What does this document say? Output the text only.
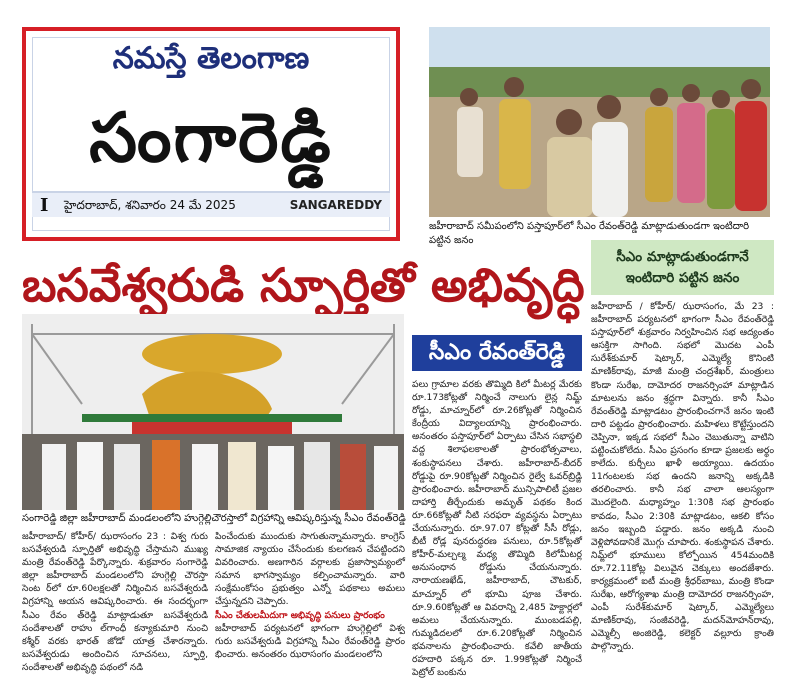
నమస్తే తెలంగాణ
సంగారెడ్డి
I హైదరాబాద్, శనివారం 24 మే 2025	SANGAREDDY
జహీరాబాద్ సమీపంలోని పస్తాపూర్‌లో సీఎం రేవంత్‌రెడ్డి మాట్లాడుతుండగా ఇంటిదారి పట్టిన జనం
బసవేశ్వరుడి స్ఫూర్తితో అభివృద్ధి
సంగారెడ్డి జిల్లా జహీరాబాద్ మండలంలోని హుగ్గెల్లిచౌరస్తాలో విగ్రహాన్ని ఆవిష్కరిస్తున్న సీఎం రేవంత్‌రెడ్డి
సీఎం రేవంత్‌రెడ్డి
జహీరాబాద్/ కోహీర్/ ఝరాసంగం 23 : విశ్వ గురు బసవేశ్వరుడి స్ఫూర్తితో అభివృద్ధి చేస్తామని ముఖ్య మంత్రి రేవంత్‌రెడ్డి పేర్కొన్నారు. శుక్రవారం సంగారెడ్డి జిల్లా జహీరాబాద్ మండలంలోని హుగ్గెల్లి చౌరస్తా సెంట ర్‌లో రూ.60లక్షలతో నిర్మించిన బసవేశ్వరుడి విగ్రహాన్ని ఆయన ఆవిష్కరించారు. ఈ సందర్భంగా సీఎం రేవం త్‌రెడ్డి మాట్లాడుతూ బసవేశ్వరుడి సందేశాలతో రాహు ల్‌గాంధీ కన్యాకుమారి నుంచి కశ్మీర్ వరకు భారత్ జోడో యాత్ర చేశారన్నారు. బసవేశ్వరుడు అందించిన సూచనలు, స్ఫూర్తి, సందేశాలతో అభివృద్ధి పథంలో నడి
పించేందుకు ముందుకు సాగుతున్నామన్నారు. కాంగ్రెస్ సామాజిక న్యాయం చేసేందుకు కులగణన చేపట్టిందని వివరించారు. అణగారిన వర్గాలకు ప్రజాస్వామ్యంలో సమాన భాగస్వామ్యం కల్పించామన్నారు. వారి సంక్షేమంకోసం ప్రభుత్వం ఎన్నో పథకాలు అమలు చేస్తున్నదని చెప్పారు.
సీఎం చేతులమీదుగా అభివృద్ధి పనులు ప్రారంభం
జహీరాబాద్ పర్యటనలో భాగంగా హుగ్గెల్లిలో విశ్వ గురు బసవేశ్వరుడి విగ్రహాన్ని సీఎం రేవంత్‌రెడ్డి ప్రారం భించారు. అనంతరం ఝరాసంగం మండలంలోని
పలు గ్రామాల వరకు తొమ్మిది కిలో మీటర్ల మేరకు రూ.173కోట్లతో నిర్మించే నాలుగు లైన్ల నిమ్జ్ రోడ్డు, మాచ్నూర్‌లో రూ.26కోట్లతో నిర్మించిన కేంద్రీయ విద్యాలయాన్ని ప్రారంభించారు. అనంతరం పస్తాపూర్‌లో ఏర్పాటు చేసిన సభాస్థలి వద్ద శిలాఫలకాలతో ప్రారంభోత్సవాలు, శంకుస్థాపనలు చేశారు. జహీరాబాద్-బీదర్ రోడ్డుపై రూ.90కోట్లతో నిర్మించిన రైల్వే ఓవర్‌బ్రిడ్జి ప్రారంభించారు. జహీరాబాద్ మున్సిపాలిటీ ప్రజల దాహార్తి తీర్చేందుకు అమృత్ పథకం కింద రూ.66కోట్లతో నీటి సరఫరా వ్యవస్థను ఏర్పాటు చేయనున్నారు. రూ.97.07 కోట్లతో సీసీ రోడ్లు, బీటీ రోడ్ల పునరుద్ధరణ పనులు, రూ.5కోట్లతో కోహీర్-మల్చల్మ మధ్య తొమ్మిది కిలోమీటర్ల అనుసంధాన రోడ్డును చేయనున్నారు. నారాయణఖేడ్, జహీరాబాద్, చౌటకుర్, మాచ్నూర్ లో భూమి పూజ చేశారు. రూ.9.60కోట్లతో ఆ వివరాన్ని 2,485 హెక్టార్లలో అమలు చేయనున్నారు. ముంబడపల్లి, గుమ్మడిదలలో రూ.6.20కోట్లతో నిర్మించిన భవనాలను ప్రారంభించారు. కవేలి జాతీయ రహదారి పక్కన రూ. 1.99కోట్లతో నిర్మించే పెట్రోల్ బంకును
సీఎం మాట్లాడుతుండగానే
ఇంటిదారి పట్టిన జనం
జహీరాబాద్ / కోహీర్/ ఝరాసంగం, మే 23 : జహీరాబాద్ పర్యటనలో భాగంగా సీఎం రేవంత్‌రెడ్డి పస్తాపూర్‌లో శుక్రవారం నిర్వహించిన సభ ఆద్యంతం ఆసక్తిగా సాగింది. సభలో మొదట ఎంపీ సురేశ్‌కుమార్ షెట్కార్, ఎమ్మెల్యే కొనింటి మాణిక్‌రావు, మాజీ మంత్రి చంద్రశేఖర్, మంత్రులు కొండా సురేఖ, దామోదర రాజనర్సింహా మాట్లాడిన మాటలను జనం శ్రద్ధగా విన్నారు. కానీ సీఎం రేవంత్‌రెడ్డి మాట్లాడటం ప్రారంభించగానే జనం ఇంటి దారి పట్టడం ప్రారంభించారు. మహిళలు కొట్టేస్తుందని చెప్పినా, ఇక్కడ సభలో సీఎం చెబుతున్నా వాటిని పట్టించుకోలేదు. సీఎం ప్రసంగం కూడా ప్రజలకు అర్థం కాలేదు. కుర్చీలు ఖాళీ అయ్యాయి. ఉదయం 11గంటలకు సభ ఉందని జనాన్ని అక్కడికి తరలించారు. కానీ సభ చాలా ఆలస్యంగా మొదలైంది. మధ్యాహ్నం 1:30కి సభ ప్రారంభం కావడం, సీఎం 2:30కి మాట్లాడటం, ఆకలి కోసం జనం ఇబ్బంది పడ్డారు. జనం అక్కడి నుంచి వెళ్లిపోవడానికే మొగ్గు చూపారు. శంకుస్థాపన చేశారు. నిమ్జ్‌లో భూములు కోల్పోయిన 454మందికి రూ.72.11కోట్ల విలువైన చెక్కులు అందజేశారు. కార్యక్రమంలో ఐటీ మంత్రి శ్రీధర్‌బాబు, మంత్రి కొండా సురేఖ, ఆరోగ్యశాఖ మంత్రి దామోదర రాజనర్సింహ, ఎంపీ సురేశ్‌కుమార్ షెట్కార్, ఎమ్మెల్యేలు మాణిక్‌రావు, సంజీవరెడ్డి, మదన్‌మోహన్‌రావు, ఎమ్మెల్సీ అంజిరెడ్డి, కలెక్టర్ వల్లూరు క్రాంతి పాల్గొన్నారు.
